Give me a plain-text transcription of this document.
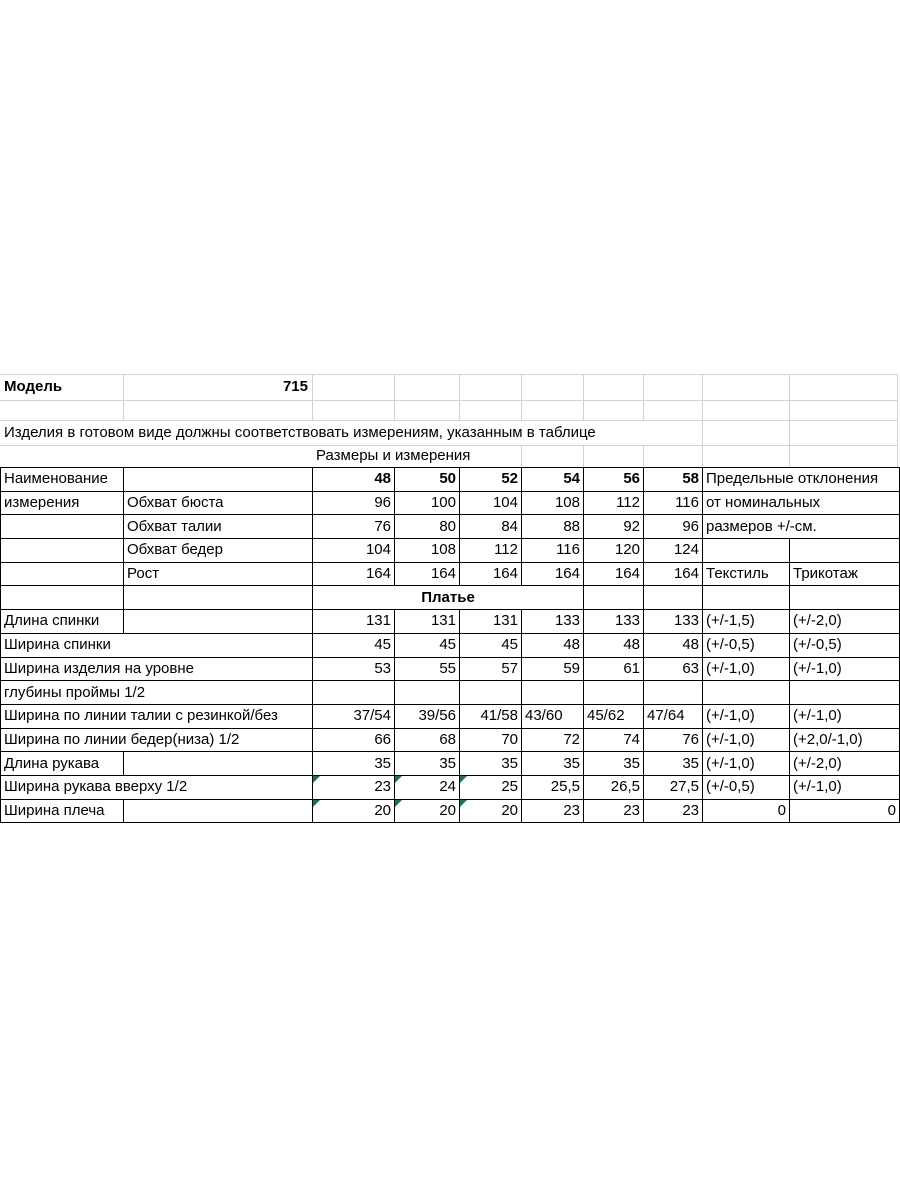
Модель	715
Изделия в готовом виде должны соответствовать измерениям, указанным в таблице
Размеры и измерения
Наименование		48	50	52	54	56	58	Предельные отклонения	
измерения	Обхват бюста	96	100	104	108	112	116	от номинальных	
	Обхват талии	76	80	84	88	92	96	размеров +/-см.	
	Обхват бедер	104	108	112	116	120	124		
	Рост	164	164	164	164	164	164	Текстиль	Трикотаж
		Платье							
Длина спинки		131	131	131	133	133	133	(+/-1,5)	(+/-2,0)
Ширина спинки		45	45	45	48	48	48	(+/-0,5)	(+/-0,5)
Ширина изделия на уровне		53	55	57	59	61	63	(+/-1,0)	(+/-1,0)
глубины проймы 1/2									
Ширина по линии талии с резинкой/без		37/54	39/56	41/58	43/60	45/62	47/64	(+/-1,0)	(+/-1,0)
Ширина по линии бедер(низа) 1/2		66	68	70	72	74	76	(+/-1,0)	(+2,0/-1,0)
Длина рукава		35	35	35	35	35	35	(+/-1,0)	(+/-2,0)
Ширина рукава вверху 1/2		23	24	25	25,5	26,5	27,5	(+/-0,5)	(+/-1,0)
Ширина плеча		20	20	20	23	23	23	0	0
